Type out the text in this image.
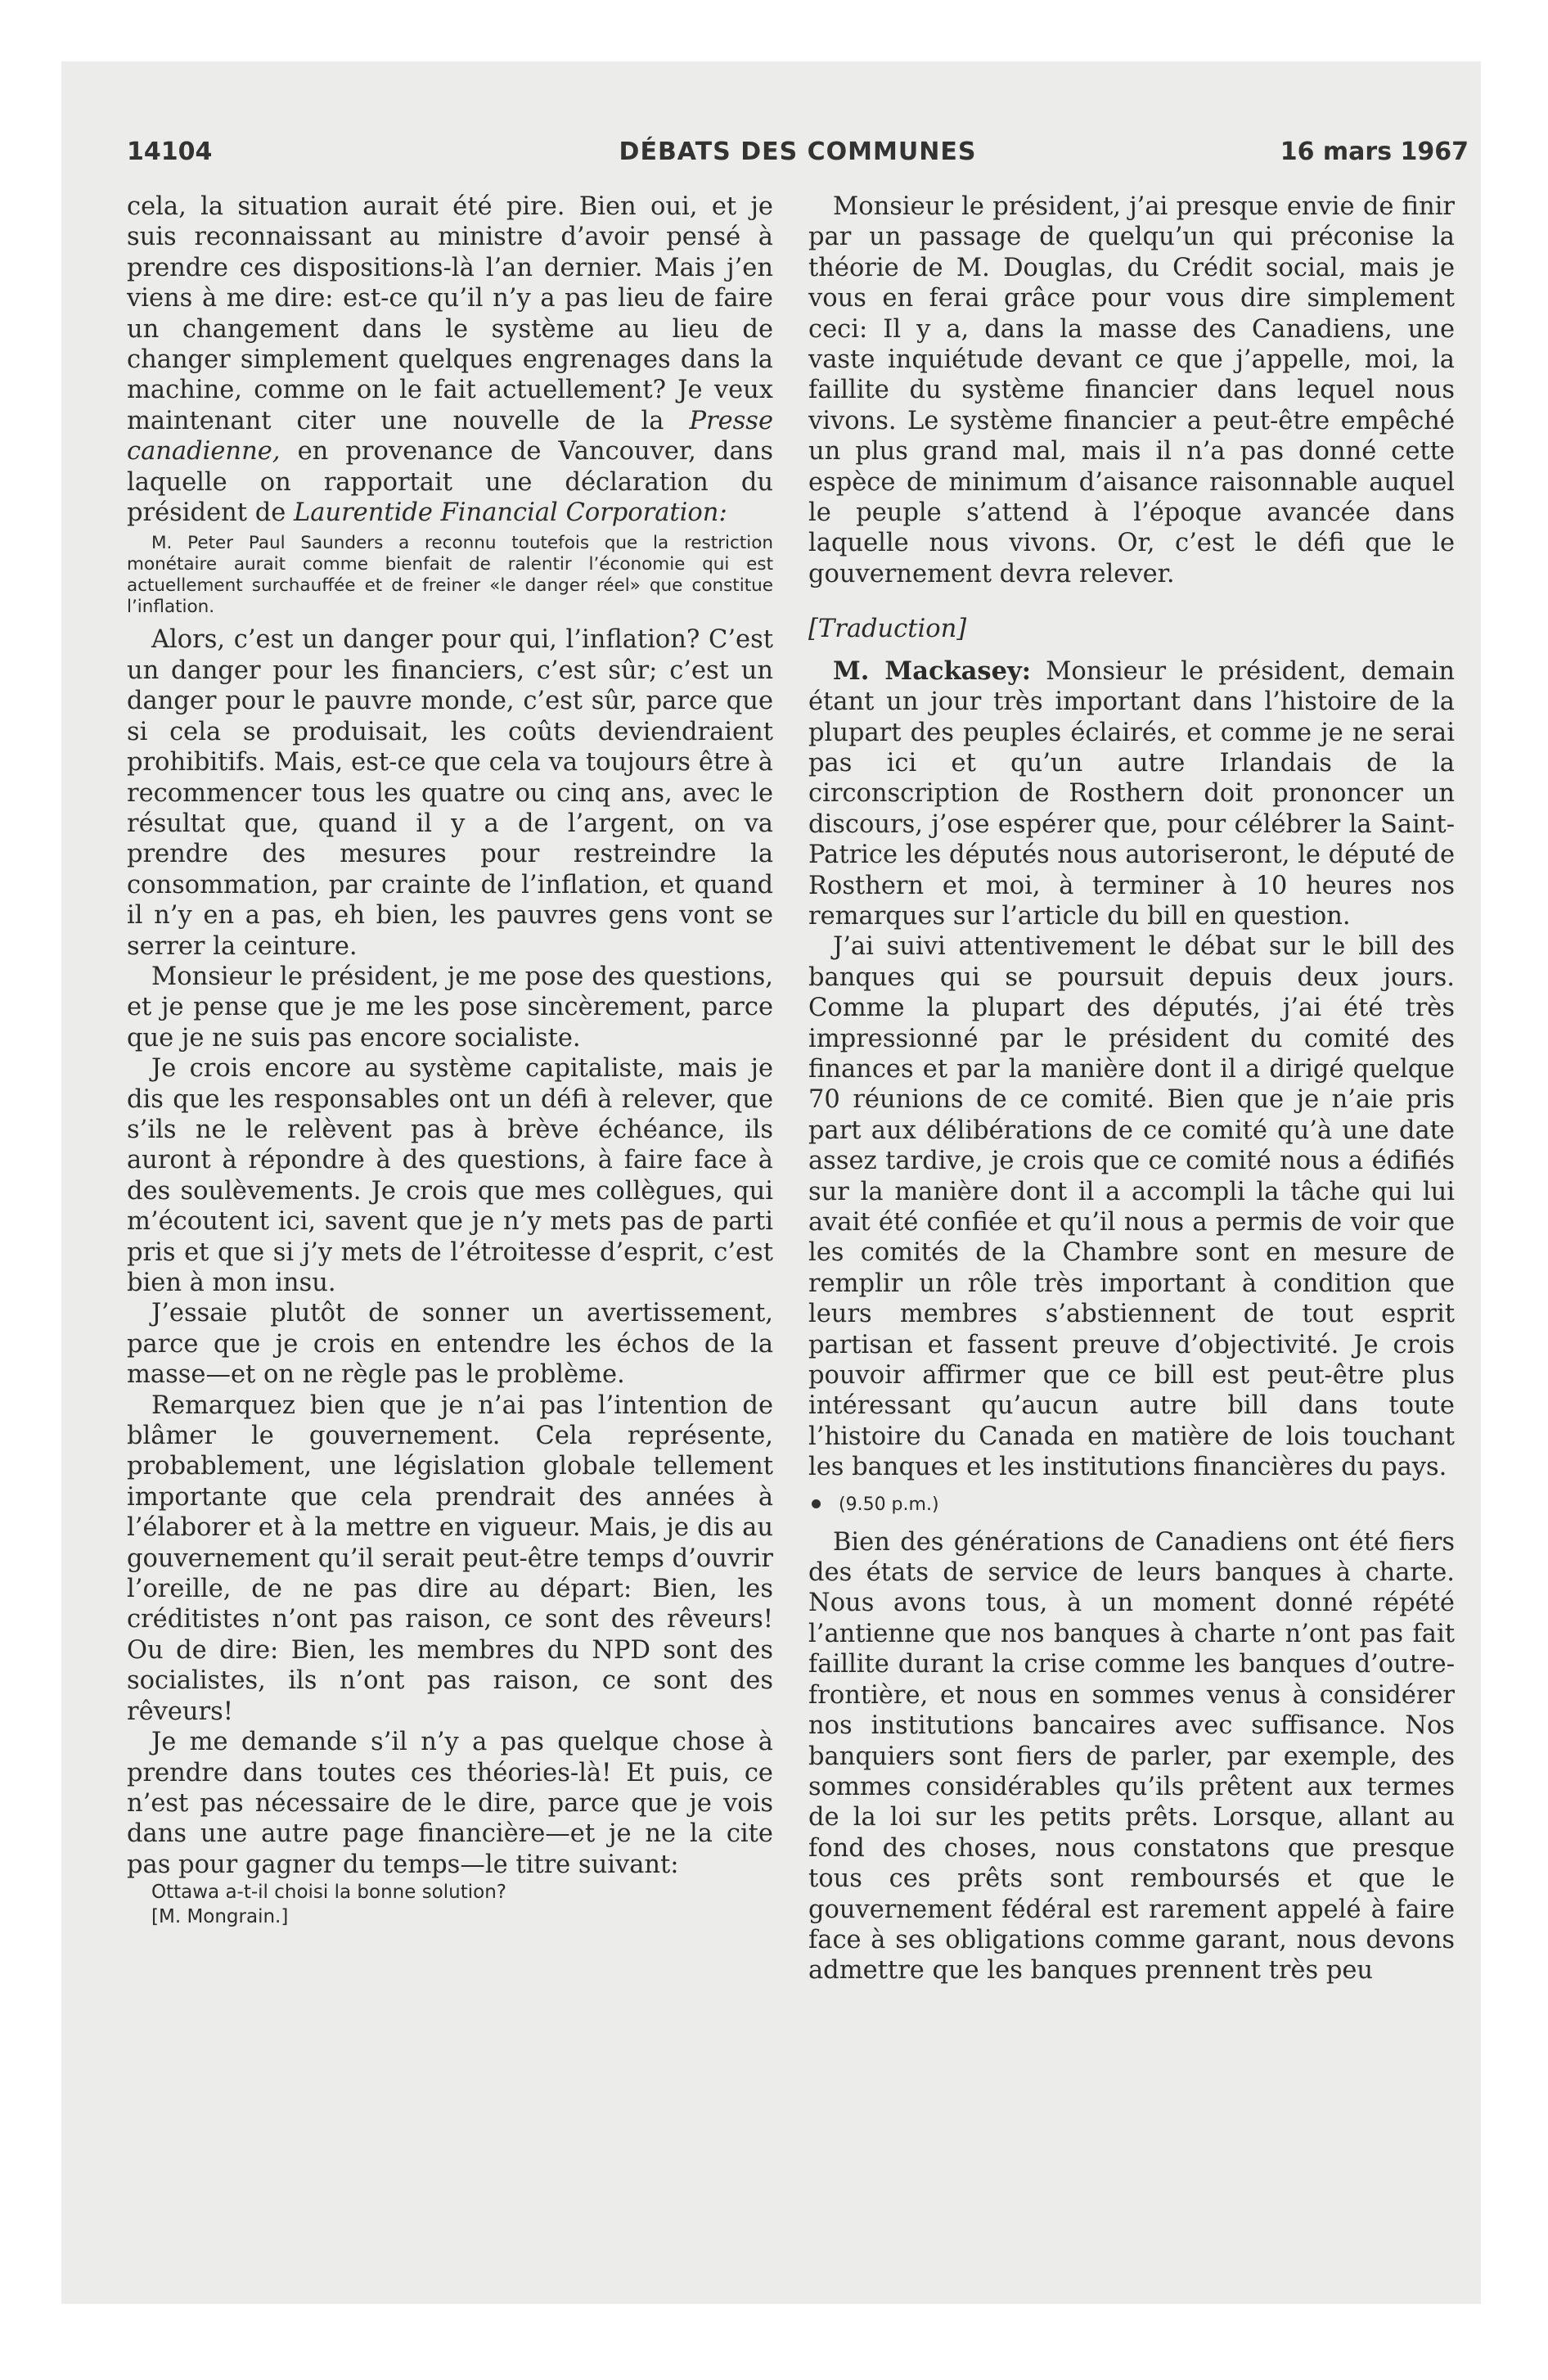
14104	DÉBATS DES COMMUNES	16 mars 1967

cela, la situation aurait été pire. Bien oui, et je suis reconnaissant au ministre d’avoir pensé à prendre ces dispositions-là l’an dernier. Mais j’en viens à me dire: est-ce qu’il n’y a pas lieu de faire un changement dans le système au lieu de changer simplement quelques engrenages dans la machine, comme on le fait actuellement? Je veux maintenant citer une nouvelle de la Presse canadienne, en provenance de Vancouver, dans laquelle on rapportait une déclaration du président de Laurentide Financial Corporation:

M. Peter Paul Saunders a reconnu toutefois que la restriction monétaire aurait comme bienfait de ralentir l’économie qui est actuellement surchauffée et de freiner «le danger réel» que constitue l’inflation.

Alors, c’est un danger pour qui, l’inflation? C’est un danger pour les financiers, c’est sûr; c’est un danger pour le pauvre monde, c’est sûr, parce que si cela se produisait, les coûts deviendraient prohibitifs. Mais, est-ce que cela va toujours être à recommencer tous les quatre ou cinq ans, avec le résultat que, quand il y a de l’argent, on va prendre des mesures pour restreindre la consommation, par crainte de l’inflation, et quand il n’y en a pas, eh bien, les pauvres gens vont se serrer la ceinture.

Monsieur le président, je me pose des questions, et je pense que je me les pose sincèrement, parce que je ne suis pas encore socialiste.

Je crois encore au système capitaliste, mais je dis que les responsables ont un défi à relever, que s’ils ne le relèvent pas à brève échéance, ils auront à répondre à des questions, à faire face à des soulèvements. Je crois que mes collègues, qui m’écoutent ici, savent que je n’y mets pas de parti pris et que si j’y mets de l’étroitesse d’esprit, c’est bien à mon insu.

J’essaie plutôt de sonner un avertissement, parce que je crois en entendre les échos de la masse—et on ne règle pas le problème.

Remarquez bien que je n’ai pas l’intention de blâmer le gouvernement. Cela représente, probablement, une législation globale tellement importante que cela prendrait des années à l’élaborer et à la mettre en vigueur. Mais, je dis au gouvernement qu’il serait peut-être temps d’ouvrir l’oreille, de ne pas dire au départ: Bien, les créditistes n’ont pas raison, ce sont des rêveurs! Ou de dire: Bien, les membres du NPD sont des socialistes, ils n’ont pas raison, ce sont des rêveurs!

Je me demande s’il n’y a pas quelque chose à prendre dans toutes ces théories-là! Et puis, ce n’est pas nécessaire de le dire, parce que je vois dans une autre page financière—et je ne la cite pas pour gagner du temps—le titre suivant:

Ottawa a-t-il choisi la bonne solution?

[M. Mongrain.]

Monsieur le président, j’ai presque envie de finir par un passage de quelqu’un qui préconise la théorie de M. Douglas, du Crédit social, mais je vous en ferai grâce pour vous dire simplement ceci: Il y a, dans la masse des Canadiens, une vaste inquiétude devant ce que j’appelle, moi, la faillite du système financier dans lequel nous vivons. Le système financier a peut-être empêché un plus grand mal, mais il n’a pas donné cette espèce de minimum d’aisance raisonnable auquel le peuple s’attend à l’époque avancée dans laquelle nous vivons. Or, c’est le défi que le gouvernement devra relever.

[Traduction]

M. Mackasey: Monsieur le président, demain étant un jour très important dans l’histoire de la plupart des peuples éclairés, et comme je ne serai pas ici et qu’un autre Irlandais de la circonscription de Rosthern doit prononcer un discours, j’ose espérer que, pour célébrer la Saint-Patrice les députés nous autoriseront, le député de Rosthern et moi, à terminer à 10 heures nos remarques sur l’article du bill en question.

J’ai suivi attentivement le débat sur le bill des banques qui se poursuit depuis deux jours. Comme la plupart des députés, j’ai été très impressionné par le président du comité des finances et par la manière dont il a dirigé quelque 70 réunions de ce comité. Bien que je n’aie pris part aux délibérations de ce comité qu’à une date assez tardive, je crois que ce comité nous a édifiés sur la manière dont il a accompli la tâche qui lui avait été confiée et qu’il nous a permis de voir que les comités de la Chambre sont en mesure de remplir un rôle très important à condition que leurs membres s’abstiennent de tout esprit partisan et fassent preuve d’objectivité. Je crois pouvoir affirmer que ce bill est peut-être plus intéressant qu’aucun autre bill dans toute l’histoire du Canada en matière de lois touchant les banques et les institutions financières du pays.

(9.50 p.m.)

Bien des générations de Canadiens ont été fiers des états de service de leurs banques à charte. Nous avons tous, à un moment donné répété l’antienne que nos banques à charte n’ont pas fait faillite durant la crise comme les banques d’outre-frontière, et nous en sommes venus à considérer nos institutions bancaires avec suffisance. Nos banquiers sont fiers de parler, par exemple, des sommes considérables qu’ils prêtent aux termes de la loi sur les petits prêts. Lorsque, allant au fond des choses, nous constatons que presque tous ces prêts sont remboursés et que le gouvernement fédéral est rarement appelé à faire face à ses obligations comme garant, nous devons admettre que les banques prennent très peu
